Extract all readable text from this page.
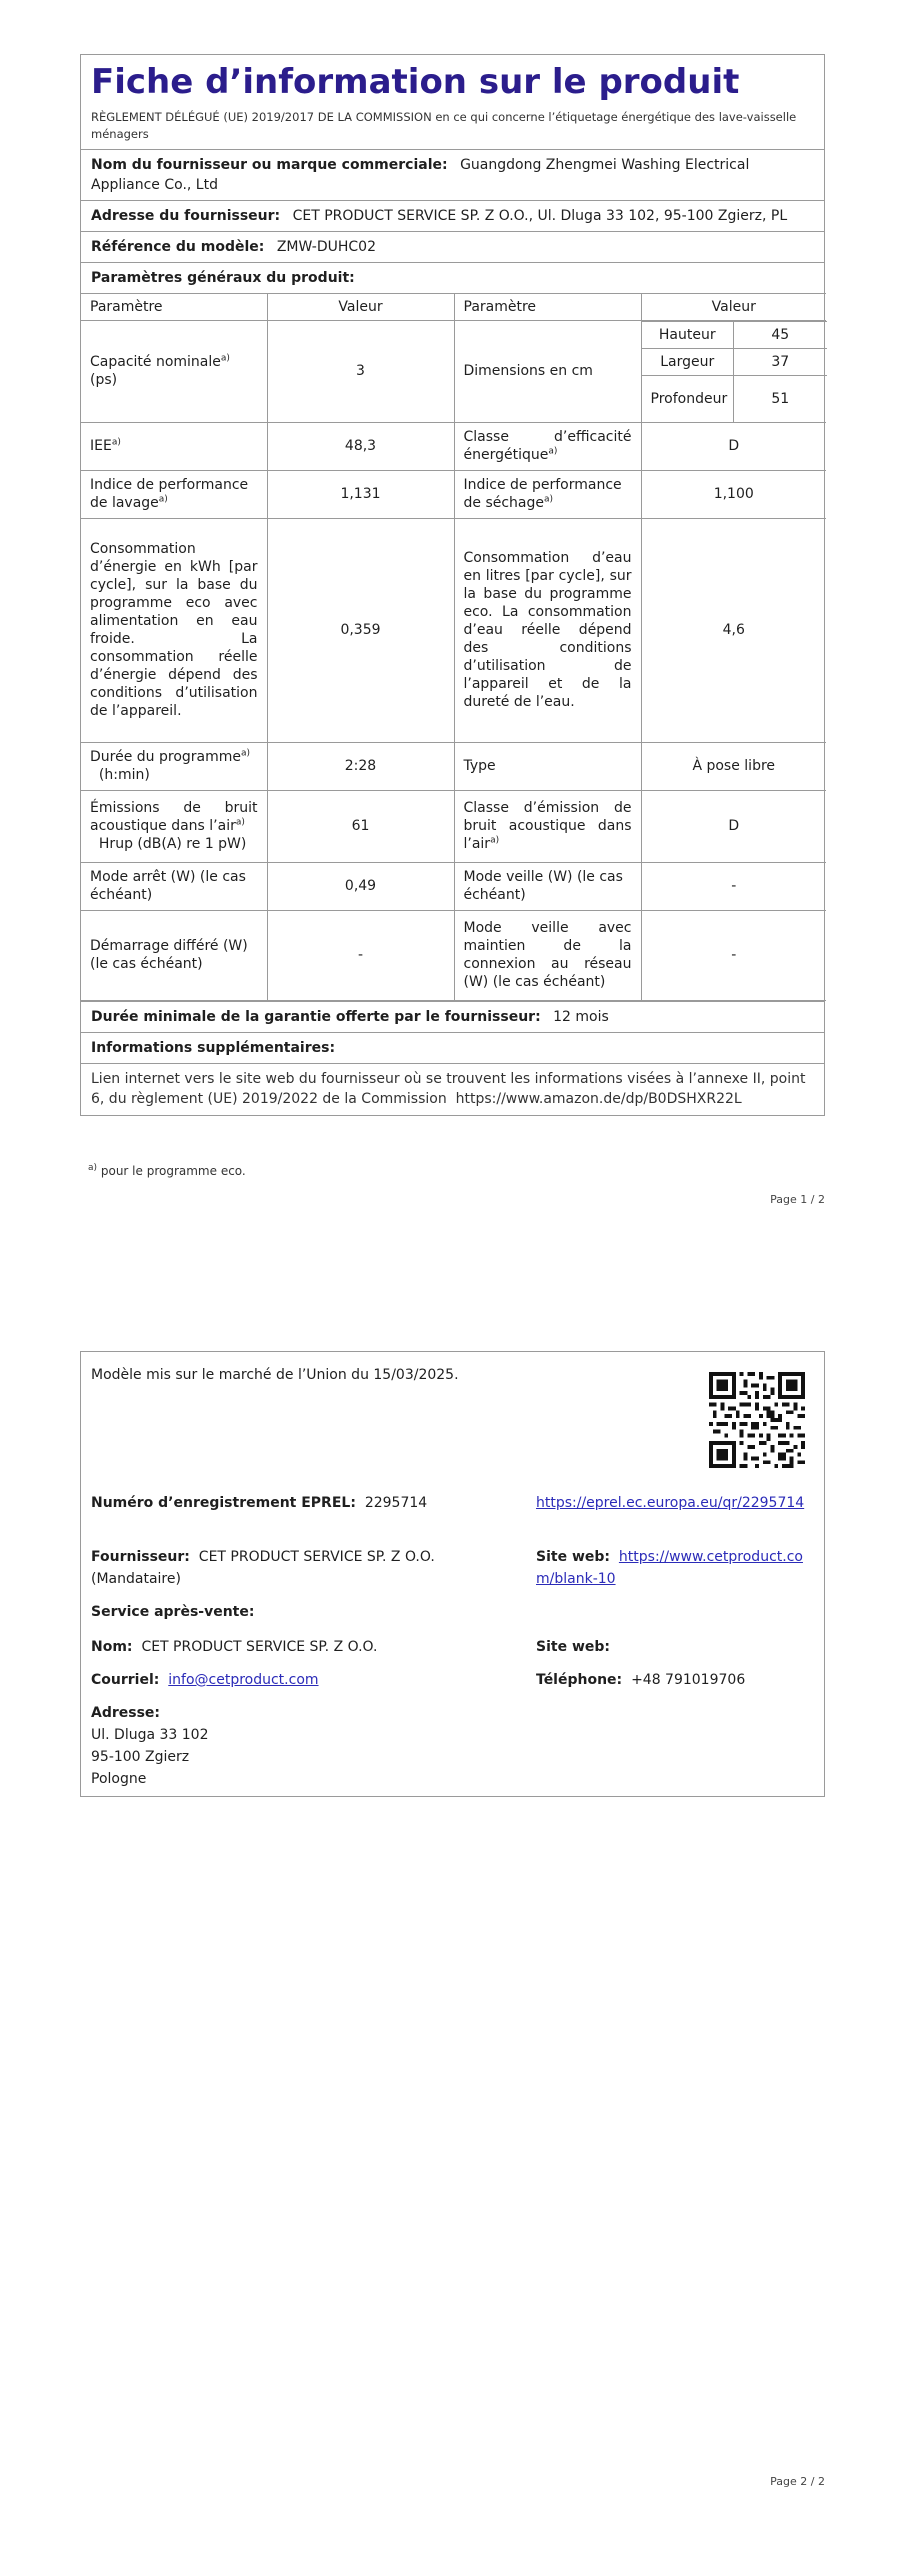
Fiche d’information sur le produit
RÈGLEMENT DÉLÉGUÉ (UE) 2019/2017 DE LA COMMISSION en ce qui concerne l’étiquetage énergétique des lave-vaisselle ménagers
Nom du fournisseur ou marque commerciale: Guangdong Zhengmei Washing Electrical Appliance Co., Ltd
Adresse du fournisseur: CET PRODUCT SERVICE SP. Z O.O., Ul. Dluga 33 102, 95-100 Zgierz, PL
Référence du modèle: ZMW-DUHC02
Paramètres généraux du produit:
Paramètre	Valeur	Paramètre	Valeur
Capacité nominale$^{a)}$
(ps)	3	Dimensions en cm	
Hauteur	45
Largeur	37
Profondeur	51

IEE$^{a)}$	48,3	Classe d’efficacité énergétique$^{a)}$	D
Indice de performance de lavage$^{a)}$	1,131	Indice de performance de séchage$^{a)}$	1,100
Consommation d’énergie en kWh [par cycle], sur la base du programme eco avec alimentation en eau froide. La consommation réelle d’énergie dépend des conditions d’utilisation de l’appareil.	0,359	Consommation d’eau en litres [par cycle], sur la base du programme eco. La consommation d’eau réelle dépend des conditions d’utilisation de l’appareil et de la dureté de l’eau.	4,6
Durée du programme$^{a)}$
(h:min)	2:28	Type	À pose libre
Émissions de bruit acoustique dans l’air$^{a)}$
Hrup (dB(A) re 1 pW)	61	Classe d’émission de bruit acoustique dans l’air$^{a)}$	D
Mode arrêt (W) (le cas échéant)	0,49	Mode veille (W) (le cas échéant)	-
Démarrage différé (W) (le cas échéant)	-	Mode veille avec maintien de la connexion au réseau (W) (le cas échéant)	-
Durée minimale de la garantie offerte par le fournisseur: 12 mois
Informations supplémentaires:
Lien internet vers le site web du fournisseur où se trouvent les informations visées à l’annexe II, point 6, du règlement (UE) 2019/2022 de la Commission https://www.amazon.de/dp/B0DSHXR22L
$^{a)}$ pour le programme eco.
Page 1 / 2
Modèle mis sur le marché de l’Union du 15/03/2025.
Numéro d’enregistrement EPREL: 2295714	https://eprel.ec.europa.eu/qr/2295714
Fournisseur: CET PRODUCT SERVICE SP. Z O.O. (Mandataire)
Site web: https://www.cetproduct.com/blank-10
Service après-vente:
Nom: CET PRODUCT SERVICE SP. Z O.O.	Site web:
Courriel: info@cetproduct.com	Téléphone: +48 791019706
Adresse:
Ul. Dluga 33 102
95-100 Zgierz
Pologne
Page 2 / 2
